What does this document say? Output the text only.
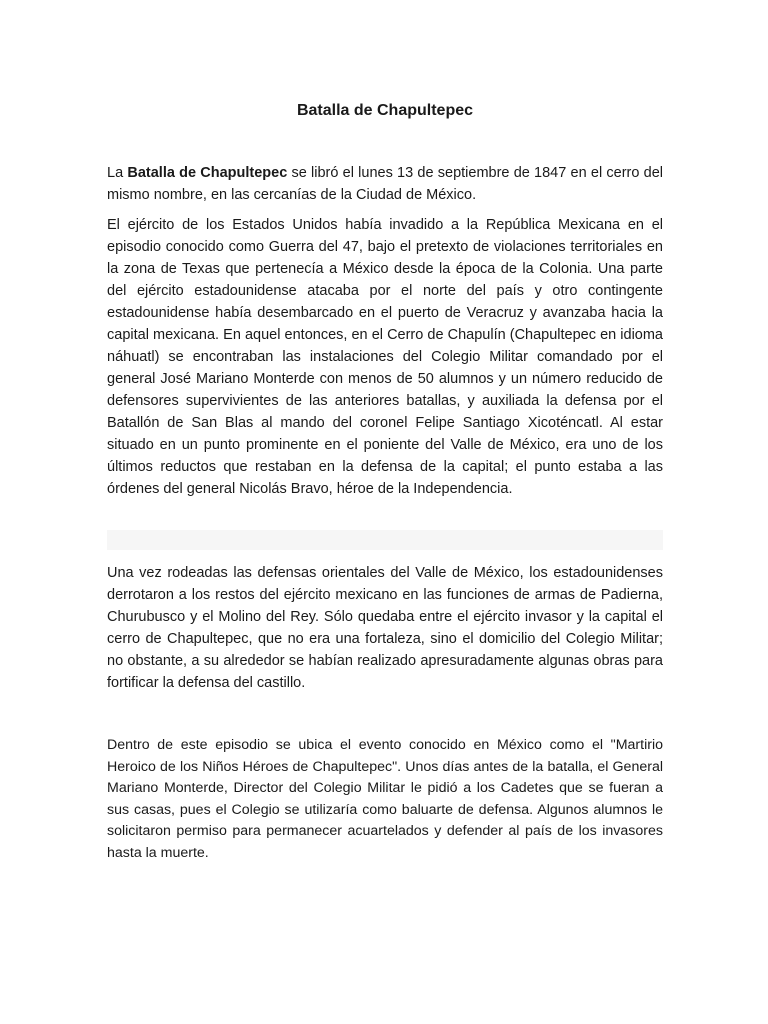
Batalla de Chapultepec

La Batalla de Chapultepec se libró el lunes 13 de septiembre de 1847 en el cerro del mismo nombre, en las cercanías de la Ciudad de México.

El ejército de los Estados Unidos había invadido a la República Mexicana en el episodio conocido como Guerra del 47, bajo el pretexto de violaciones territoriales en la zona de Texas que pertenecía a México desde la época de la Colonia. Una parte del ejército estadounidense atacaba por el norte del país y otro contingente estadounidense había desembarcado en el puerto de Veracruz y avanzaba hacia la capital mexicana. En aquel entonces, en el Cerro de Chapulín (Chapultepec en idioma náhuatl) se encontraban las instalaciones del Colegio Militar comandado por el general José Mariano Monterde con menos de 50 alumnos y un número reducido de defensores supervivientes de las anteriores batallas, y auxiliada la defensa por el Batallón de San Blas al mando del coronel Felipe Santiago Xicoténcatl. Al estar situado en un punto prominente en el poniente del Valle de México, era uno de los últimos reductos que restaban en la defensa de la capital; el punto estaba a las órdenes del general Nicolás Bravo, héroe de la Independencia.

Una vez rodeadas las defensas orientales del Valle de México, los estadounidenses derrotaron a los restos del ejército mexicano en las funciones de armas de Padierna, Churubusco y el Molino del Rey. Sólo quedaba entre el ejército invasor y la capital el cerro de Chapultepec, que no era una fortaleza, sino el domicilio del Colegio Militar; no obstante, a su alrededor se habían realizado apresuradamente algunas obras para fortificar la defensa del castillo.

Dentro de este episodio se ubica el evento conocido en México como el "Martirio Heroico de los Niños Héroes de Chapultepec". Unos días antes de la batalla, el General Mariano Monterde, Director del Colegio Militar le pidió a los Cadetes que se fueran a sus casas, pues el Colegio se utilizaría como baluarte de defensa. Algunos alumnos le solicitaron permiso para permanecer acuartelados y defender al país de los invasores hasta la muerte.
